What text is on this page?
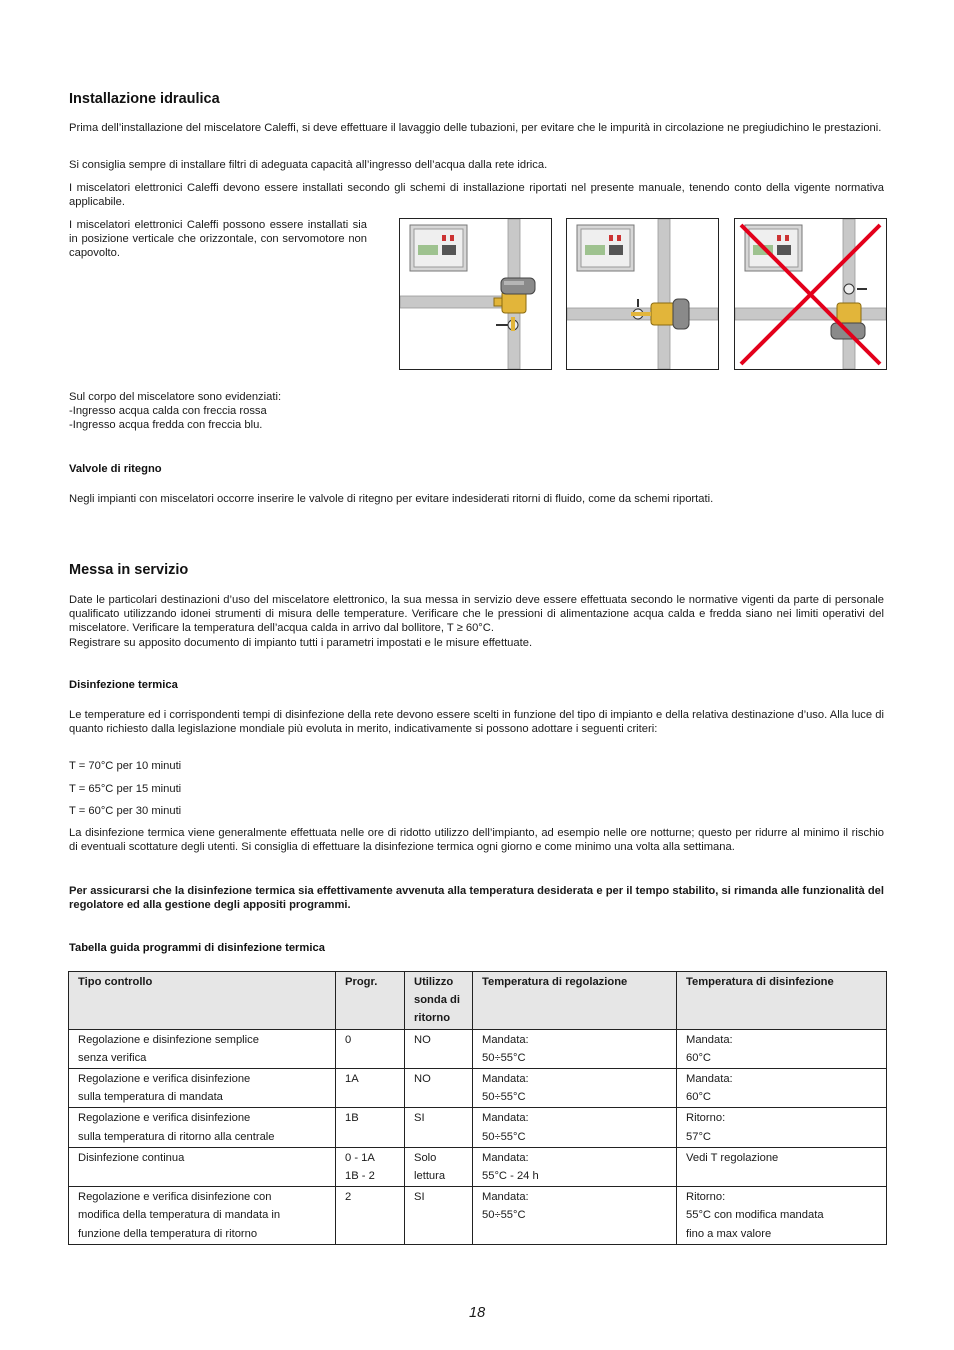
Installazione idraulica

Prima dell’installazione del miscelatore Caleffi, si deve effettuare il lavaggio delle tubazioni, per evitare che le impurità in circolazione ne pregiudichino le prestazioni.

Si consiglia sempre di installare filtri di adeguata capacità all’ingresso dell’acqua dalla rete idrica.

I miscelatori elettronici Caleffi devono essere installati secondo gli schemi di installazione riportati nel presente manuale, tenendo conto della vigente normativa applicabile.

I miscelatori elettronici Caleffi possono essere installati sia in posizione verticale che orizzontale, con servomotore non capovolto.

Sul corpo del miscelatore sono evidenziati:
-Ingresso acqua calda con freccia rossa
-Ingresso acqua fredda con freccia blu.
Valvole di ritegno

Negli impianti con miscelatori occorre inserire le valvole di ritegno per evitare indesiderati ritorni di fluido, come da schemi riportati.

Messa in servizio

Date le particolari destinazioni d’uso del miscelatore elettronico, la sua messa in servizio deve essere effettuata secondo le normative vigenti da parte di personale qualificato utilizzando idonei strumenti di misura delle temperature. Verificare che le pressioni di alimentazione acqua calda e fredda siano nei limiti operativi del miscelatore. Verificare la temperatura dell’acqua calda in arrivo dal bollitore, T ≥ 60°C.

Registrare su apposito documento di impianto tutti i parametri impostati e le misure effettuate.

Disinfezione termica

Le temperature ed i corrispondenti tempi di disinfezione della rete devono essere scelti in funzione del tipo di impianto e della relativa destinazione d’uso. Alla luce di quanto richiesto dalla legislazione mondiale più evoluta in merito, indicativamente si possono adottare i seguenti criteri:

T = 70°C per 10 minuti
T = 65°C per 15 minuti
T = 60°C per 30 minuti

La disinfezione termica viene generalmente effettuata nelle ore di ridotto utilizzo dell’impianto, ad esempio nelle ore notturne; questo per ridurre al minimo il rischio di eventuali scottature degli utenti. Si consiglia di effettuare la disinfezione termica ogni giorno e come minimo una volta alla settimana.

Per assicurarsi che la disinfezione termica sia effettivamente avvenuta alla temperatura desiderata e per il tempo stabilito, si rimanda alle funzionalità del regolatore ed alla gestione degli appositi programmi.

Tabella guida programmi di disinfezione termica
Tipo controllo	Progr.	Utilizzo
sonda di
ritorno	Temperatura di regolazione	Temperatura di disinfezione
Regolazione e disinfezione semplice
senza verifica	0	NO	Mandata:
50÷55°C	Mandata:
60°C
Regolazione e verifica disinfezione
sulla temperatura di mandata	1A	NO	Mandata:
50÷55°C	Mandata:
60°C
Regolazione e verifica disinfezione
sulla temperatura di ritorno alla centrale	1B	SI	Mandata:
50÷55°C	Ritorno:
57°C
Disinfezione continua	0 - 1A
1B - 2	Solo
lettura	Mandata:
55°C - 24 h	Vedi T regolazione
Regolazione e verifica disinfezione con
modifica della temperatura di mandata in
funzione della temperatura di ritorno	2	SI	Mandata:
50÷55°C	Ritorno:
55°C con modifica mandata
fino a max valore
18
